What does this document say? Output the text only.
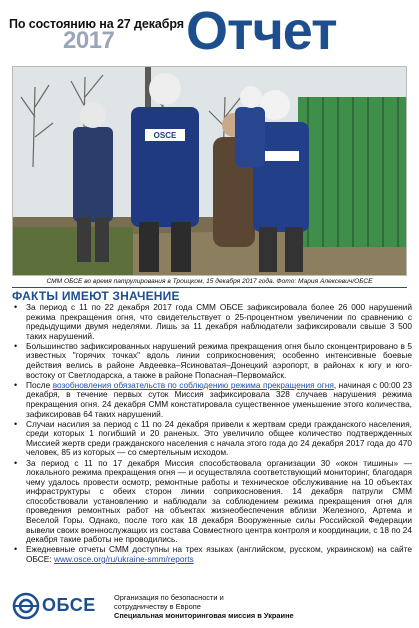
По состоянию на 27 декабря
2017 Отчет
OSCE
СММ ОБСЕ во время патрулирования в Троицком, 15 декабря 2017 года. Фото: Мария Алексевич/ОБСЕ
ФАКТЫ ИМЕЮТ ЗНАЧЕНИЕ
• За период с 11 по 22 декабря 2017 года СММ ОБСЕ зафиксировала более 26 000 нарушений режима прекращения огня, что свидетельствует о 25-процентном увеличении по сравнению с предыдущими двумя неделями. Лишь за 11 декабря наблюдатели зафиксировали свыше 3 500 таких нарушений.
• Большинство зафиксированных нарушений режима прекращения огня было сконцентрировано в 5 известных "горячих точках" вдоль линии соприкосновения; особенно интенсивные боевые действия велись в районе Авдеевка–Ясиноватая–Донецкий аэропорт, в районах к югу и юго-востоку от Светлодарска, а также в районе Попасная–Первомайск.
• После возобновления обязательств по соблюдению режима прекращения огня, начиная с 00:00 23 декабря, в течение первых суток Миссия зафиксировала 328 случаев нарушения режима прекращения огня. 24 декабря СММ констатировала существенное уменьшение этого количества, зафиксировав 64 таких нарушений.
• Случаи насилия за период с 11 по 24 декабря привели к жертвам среди гражданского населения, среди которых 1 погибший и 20 раненых. Это увеличило общее количество подтвержденных Миссией жертв среди гражданского населения с начала этого года до 24 декабря 2017 года до 470 человек, 85 из которых — со смертельным исходом.
• За период с 11 по 17 декабря Миссия способствовала организации 30 «окон тишины» — локального режима прекращения огня — и осуществляла соответствующий мониторинг, благодаря чему удалось провести осмотр, ремонтные работы и техническое обслуживание на 10 объектах инфраструктуры с обеих сторон линии соприкосновения. 14 декабря патрули СММ способствовали установлению и наблюдали за соблюдением режима прекращения огня для проведения ремонтных работ на объектах жизнеобеспечения вблизи Железного, Артема и Веселой Горы. Однако, после того как 18 декабря Вооруженные силы Российской Федерации вывели своих военнослужащих из состава Совместного центра контроля и координации, с 18 по 24 декабря такие работы не проводились.
• Ежедневные отчеты СММ доступны на трех языках (английском, русском, украинском) на сайте ОБСЕ: www.osce.org/ru/ukraine-smm/reports
ОБСЕ Организация по безопасности и
сотрудничеству в Европе
Специальная мониторинговая миссия в Украине
